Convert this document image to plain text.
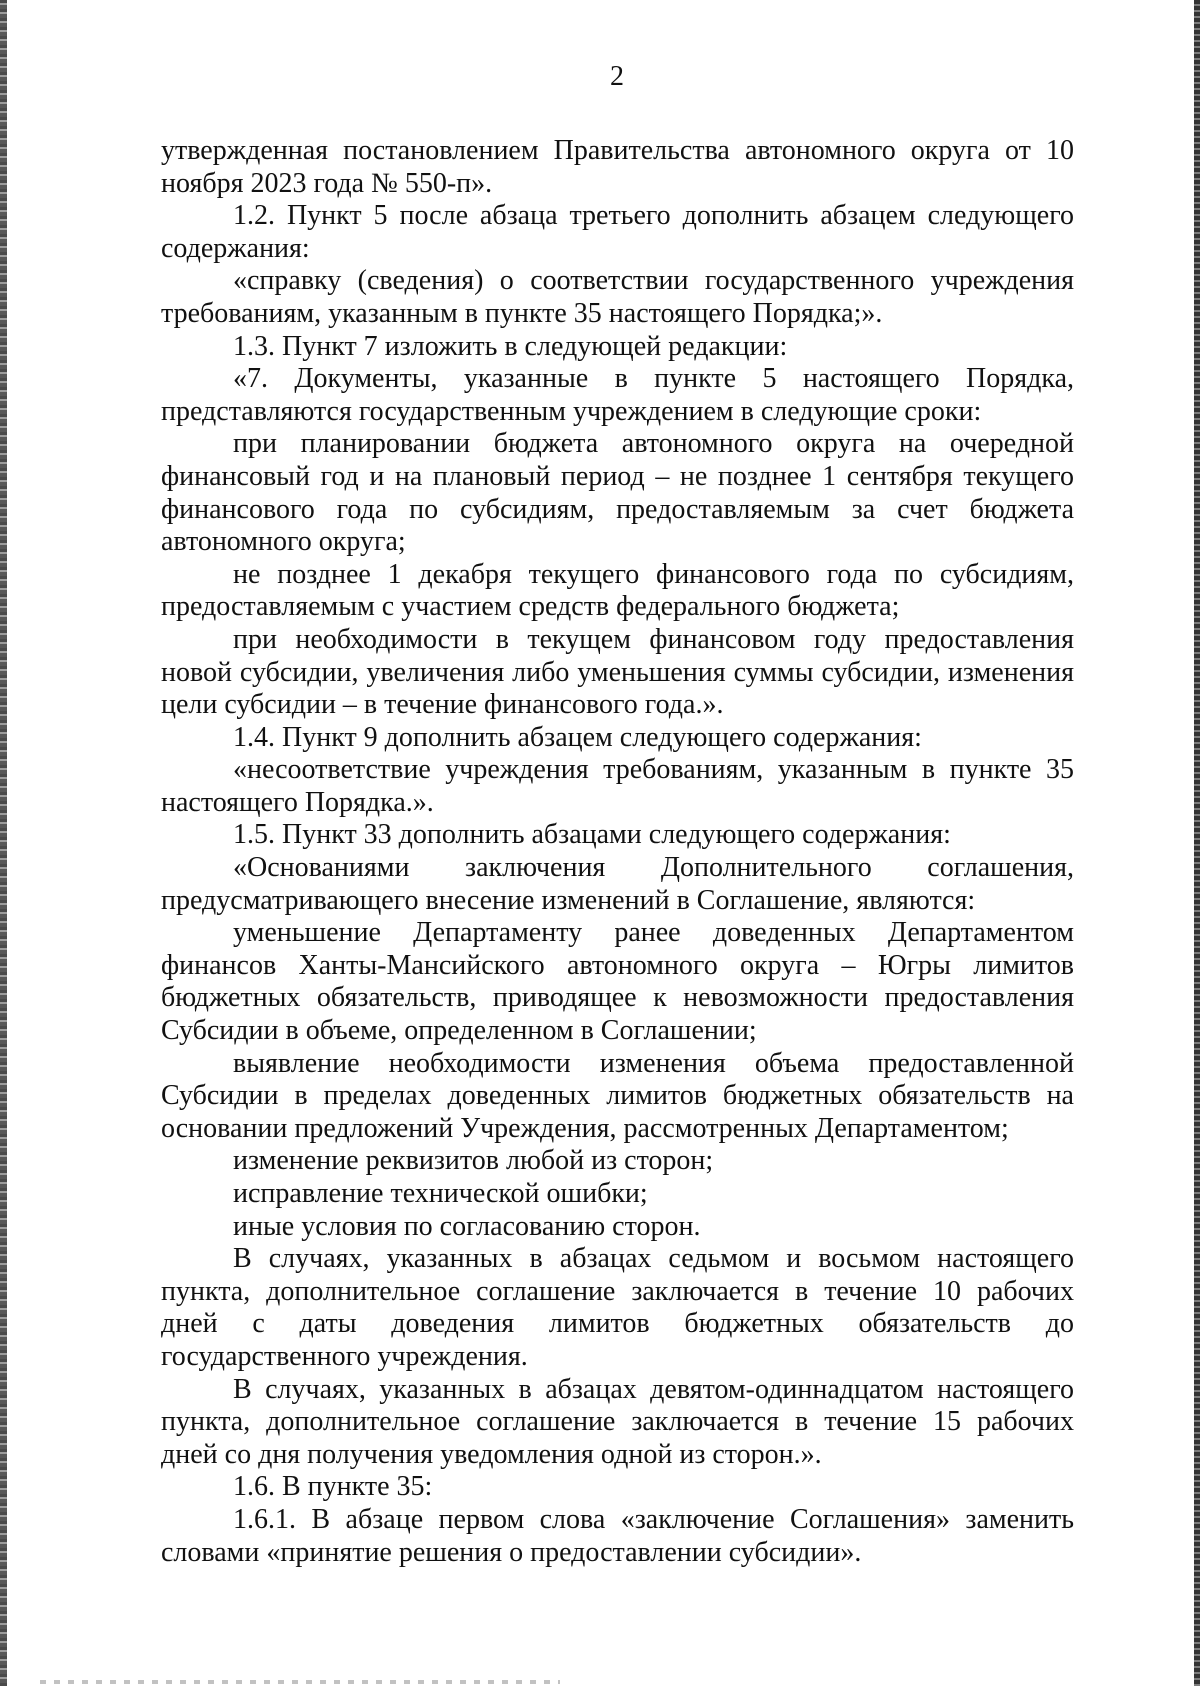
2

утвержденная постановлением Правительства автономного округа от 10 ноября 2023 года № 550-п».

1.2. Пункт 5 после абзаца третьего дополнить абзацем следующего содержания:

«справку (сведения) о соответствии государственного учреждения требованиям, указанным в пункте 35 настоящего Порядка;».

1.3. Пункт 7 изложить в следующей редакции:

«7. Документы, указанные в пункте 5 настоящего Порядка, представляются государственным учреждением в следующие сроки:

при планировании бюджета автономного округа на очередной финансовый год и на плановый период – не позднее 1 сентября текущего финансового года по субсидиям, предоставляемым за счет бюджета автономного округа;

не позднее 1 декабря текущего финансового года по субсидиям, предоставляемым с участием средств федерального бюджета;

при необходимости в текущем финансовом году предоставления новой субсидии, увеличения либо уменьшения суммы субсидии, изменения цели субсидии – в течение финансового года.».

1.4. Пункт 9 дополнить абзацем следующего содержания:

«несоответствие учреждения требованиям, указанным в пункте 35 настоящего Порядка.».

1.5. Пункт 33 дополнить абзацами следующего содержания:

«Основаниями заключения Дополнительного соглашения, предусматривающего внесение изменений в Соглашение, являются:

уменьшение Департаменту ранее доведенных Департаментом финансов Ханты-Мансийского автономного округа – Югры лимитов бюджетных обязательств, приводящее к невозможности предоставления Субсидии в объеме, определенном в Соглашении;

выявление необходимости изменения объема предоставленной Субсидии в пределах доведенных лимитов бюджетных обязательств на основании предложений Учреждения, рассмотренных Департаментом;

изменение реквизитов любой из сторон;

исправление технической ошибки;

иные условия по согласованию сторон.

В случаях, указанных в абзацах седьмом и восьмом настоящего пункта, дополнительное соглашение заключается в течение 10 рабочих дней с даты доведения лимитов бюджетных обязательств до государственного учреждения.

В случаях, указанных в абзацах девятом-одиннадцатом настоящего пункта, дополнительное соглашение заключается в течение 15 рабочих дней со дня получения уведомления одной из сторон.».

1.6. В пункте 35:

1.6.1. В абзаце первом слова «заключение Соглашения» заменить словами «принятие решения о предоставлении субсидии».
